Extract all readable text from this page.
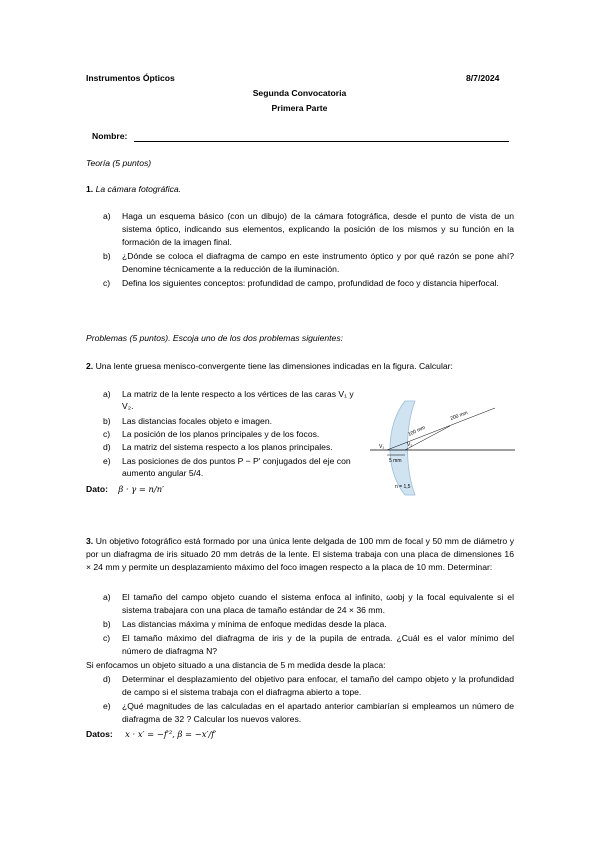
Instrumentos Ópticos	8/7/2024
Segunda Convocatoria
Primera Parte
Nombre:
Teoría (5 puntos)
1. La cámara fotográfica.
a)	Haga un esquema básico (con un dibujo) de la cámara fotográfica, desde el punto de vista de un sistema óptico, indicando sus elementos, explicando la posición de los mismos y su función en la formación de la imagen final.
b)	¿Dónde se coloca el diafragma de campo en este instrumento óptico y por qué razón se pone ahí? Denomine técnicamente a la reducción de la iluminación.
c)	Defina los siguientes conceptos: profundidad de campo, profundidad de foco y distancia hiperfocal.
Problemas (5 puntos). Escoja uno de los dos problemas siguientes:
2. Una lente gruesa menisco-convergente tiene las dimensiones indicadas en la figura. Calcular:
a)	La matriz de la lente respecto a los vértices de las caras V₁ y V₂.
b)	Las distancias focales objeto e imagen.
c)	La posición de los planos principales y de los focos.
d)	La matriz del sistema respecto a los planos principales.
e)	Las posiciones de dos puntos P − P′ conjugados del eje con aumento angular 5/4.
Dato: β · γ = n/n′
200 mm
100 mm
5 mm
V₁	V₂
n = 1,5
3. Un objetivo fotográfico está formado por una única lente delgada de 100 mm de focal y 50 mm de diámetro y por un diafragma de iris situado 20 mm detrás de la lente. El sistema trabaja con una placa de dimensiones 16 × 24 mm y permite un desplazamiento máximo del foco imagen respecto a la placa de 10 mm. Determinar:
a)	El tamaño del campo objeto cuando el sistema enfoca al infinito, ωobj y la focal equivalente si el sistema trabajara con una placa de tamaño estándar de 24 × 36 mm.
b)	Las distancias máxima y mínima de enfoque medidas desde la placa.
c)	El tamaño máximo del diafragma de iris y de la pupila de entrada. ¿Cuál es el valor mínimo del número de diafragma N?
Si enfocamos un objeto situado a una distancia de 5 m medida desde la placa:
d)	Determinar el desplazamiento del objetivo para enfocar, el tamaño del campo objeto y la profundidad de campo si el sistema trabaja con el diafragma abierto a tope.
e)	¿Qué magnitudes de las calculadas en el apartado anterior cambiarían si empleamos un número de diafragma de 32 ? Calcular los nuevos valores.
Datos: x · x′ = −f′², β = −x′/f′
